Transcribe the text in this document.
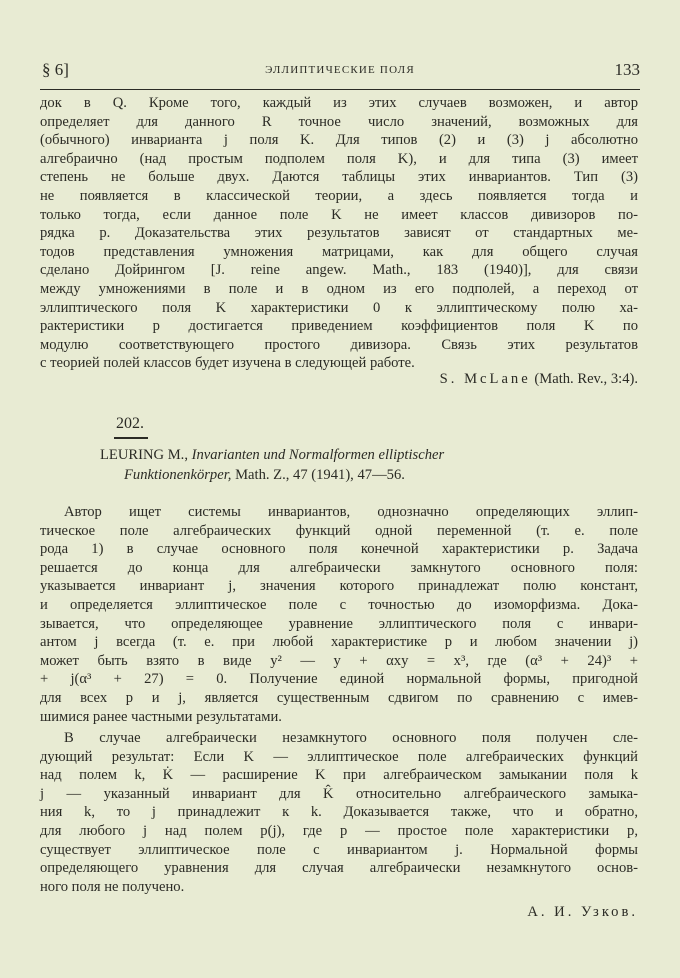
§ 6]	ЭЛЛИПТИЧЕСКИЕ ПОЛЯ	133
док в Q. Кроме того, каждый из этих случаев возможен, и автор
определяет для данного R точное число значений, возможных для
(обычного) инварианта j поля K. Для типов (2) и (3) j абсолютно
алгебраично (над простым подполем поля K), и для типа (3) имеет
степень не больше двух. Даются таблицы этих инвариантов. Тип (3)
не появляется в классической теории, а здесь появляется тогда и
только тогда, если данное поле K не имеет классов дивизоров по-
рядка p. Доказательства этих результатов зависят от стандартных ме-
тодов представления умножения матрицами, как для общего случая
сделано Дойрингом [J. reine angew. Math., 183 (1940)], для связи
между умножениями в поле и в одном из его подполей, а переход от
эллиптического поля K характеристики 0 к эллиптическому полю ха-
рактеристики p достигается приведением коэффициентов поля K по
модулю соответствующего простого дивизора. Связь этих результатов
с теорией полей классов будет изучена в следующей работе.
S. McLane (Math. Rev., 3:4).
202.
LEURING M., Invarianten und Normalformen elliptischer
Funktionenkörper, Math. Z., 47 (1941), 47—56.
Автор ищет системы инвариантов, однозначно определяющих эллип-
тическое поле алгебраических функций одной переменной (т. е. поле
рода 1) в случае основного поля конечной характеристики p. Задача
решается до конца для алгебраически замкнутого основного поля:
указывается инвариант j, значения которого принадлежат полю констант,
и определяется эллиптическое поле с точностью до изоморфизма. Дока-
зывается, что определяющее уравнение эллиптического поля с инвари-
антом j всегда (т. е. при любой характеристике p и любом значении j)
может быть взято в виде y² — y + αxy = x³, где (α³ + 24)³ +
+ j(α³ + 27) = 0. Получение единой нормальной формы, пригодной
для всех p и j, является существенным сдвигом по сравнению с имев-
шимися ранее частными результатами.
В случае алгебраически незамкнутого основного поля получен сле-
дующий результат: Если K — эллиптическое поле алгебраических функций
над полем k, K̇ — расширение K при алгебраическом замыкании поля k
j — указанный инвариант для K̂ относительно алгебраического замыка-
ния k, то j принадлежит к k. Доказывается также, что и обратно,
для любого j над полем p(j), где p — простое поле характеристики p,
существует эллиптическое поле с инвариантом j. Нормальной формы
определяющего уравнения для случая алгебраически незамкнутого основ-
ного поля не получено.
А. И. Узков.
